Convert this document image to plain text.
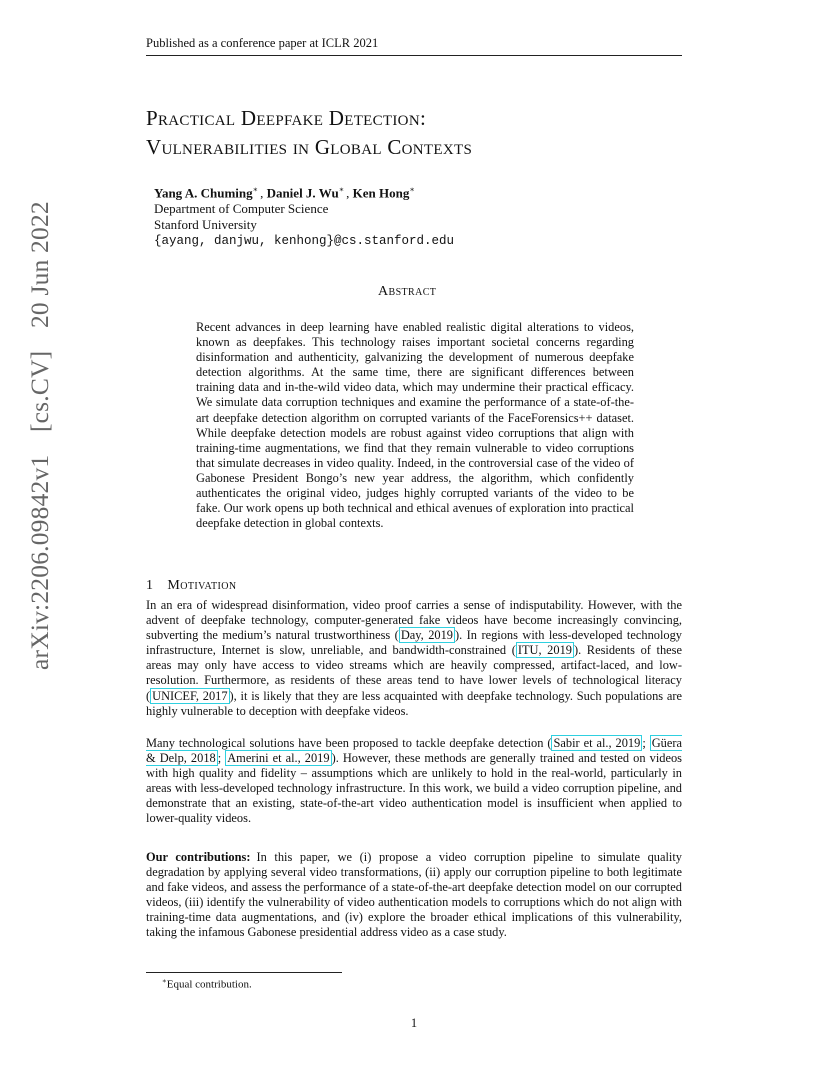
Published as a conference paper at ICLR 2021
arXiv:2206.09842v1 [cs.CV] 20 Jun 2022
Practical Deepfake Detection:
Vulnerabilities in Global Contexts
Yang A. Chuming∗ , Daniel J. Wu∗ , Ken Hong∗
Department of Computer Science
Stanford University
{ayang, danjwu, kenhong}@cs.stanford.edu
Abstract
Recent advances in deep learning have enabled realistic digital alterations to videos, known as deepfakes. This technology raises important societal concerns regarding disinformation and authenticity, galvanizing the development of numerous deepfake detection algorithms. At the same time, there are significant differences between training data and in-the-wild video data, which may undermine their practical efficacy. We simulate data corruption techniques and examine the performance of a state-of-the-art deepfake detection algorithm on corrupted variants of the FaceForensics++ dataset. While deepfake detection models are robust against video corruptions that align with training-time augmentations, we find that they remain vulnerable to video corruptions that simulate decreases in video quality. Indeed, in the controversial case of the video of Gabonese President Bongo’s new year address, the algorithm, which confidently authenticates the original video, judges highly corrupted variants of the video to be fake. Our work opens up both technical and ethical avenues of exploration into practical deepfake detection in global contexts.
1 Motivation
In an era of widespread disinformation, video proof carries a sense of indisputability. However, with the advent of deepfake technology, computer-generated fake videos have become increasingly convincing, subverting the medium’s natural trustworthiness ( Day, 2019 ). In regions with less-developed technology infrastructure, Internet is slow, unreliable, and bandwidth-constrained ( ITU, 2019 ). Residents of these areas may only have access to video streams which are heavily compressed, artifact-laced, and low-resolution. Furthermore, as residents of these areas tend to have lower levels of technological literacy ( UNICEF, 2017 ), it is likely that they are less acquainted with deepfake technology. Such populations are highly vulnerable to deception with deepfake videos.
Many technological solutions have been proposed to tackle deepfake detection ( Sabir et al., 2019 ; Güera & Delp, 2018 ; Amerini et al., 2019 ). However, these methods are generally trained and tested on videos with high quality and fidelity – assumptions which are unlikely to hold in the real-world, particularly in areas with less-developed technology infrastructure. In this work, we build a video corruption pipeline, and demonstrate that an existing, state-of-the-art video authentication model is insufficient when applied to lower-quality videos.
Our contributions: In this paper, we (i) propose a video corruption pipeline to simulate quality degradation by applying several video transformations, (ii) apply our corruption pipeline to both legitimate and fake videos, and assess the performance of a state-of-the-art deepfake detection model on our corrupted videos, (iii) identify the vulnerability of video authentication models to corruptions which do not align with training-time data augmentations, and (iv) explore the broader ethical implications of this vulnerability, taking the infamous Gabonese presidential address video as a case study.
∗Equal contribution.
1
